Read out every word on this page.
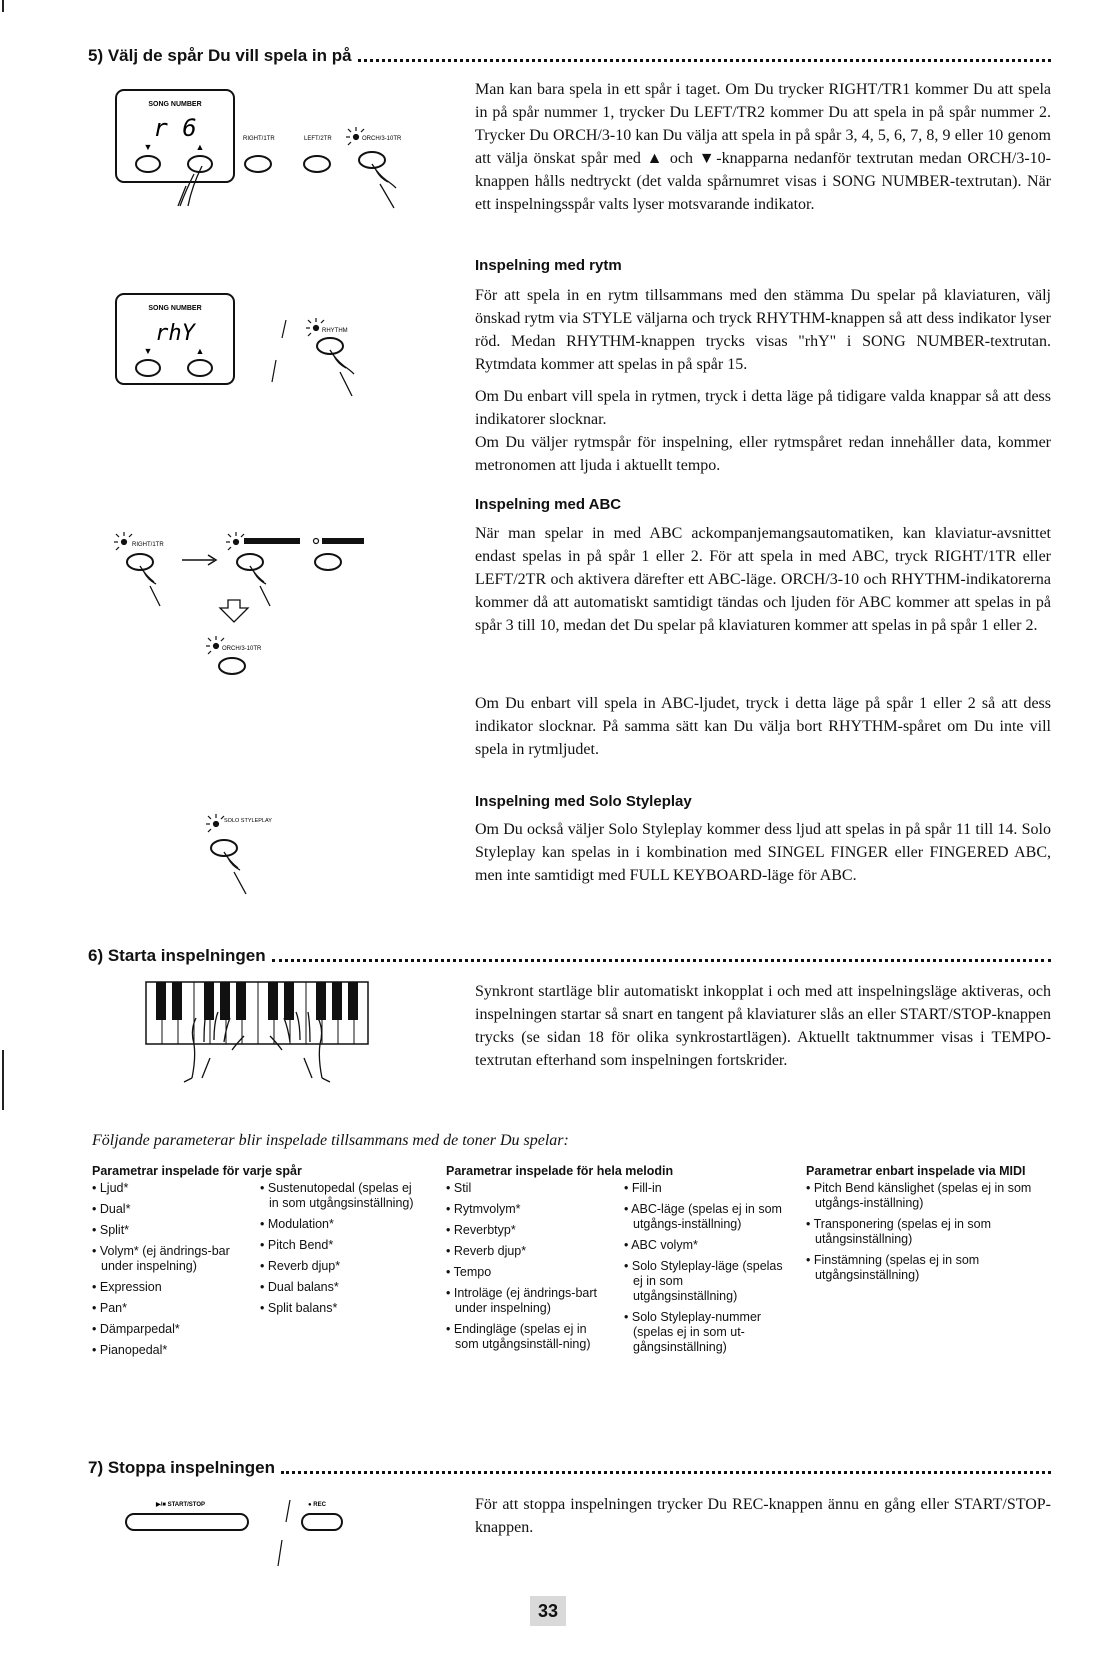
5) Välj de spår Du vill spela in på
SONG NUMBER
r 6
▼	▲
RIGHT/1TR	LEFT/2TR	ORCH/3-10TR

Man kan bara spela in ett spår i taget. Om Du trycker RIGHT/TR1 kommer Du att spela in på spår nummer 1, trycker Du LEFT/TR2 kommer Du att spela in på spår nummer 2. Trycker Du ORCH/3-10 kan Du välja att spela in på spår 3, 4, 5, 6, 7, 8, 9 eller 10 genom att välja önskat spår med ▲ och ▼-knapparna nedanför textrutan medan ORCH/3-10-knappen hålls nedtryckt (det valda spårnumret visas i SONG NUMBER-textrutan). När ett inspelningsspår valts lyser motsvarande indikator.

Inspelning med rytm
SONG NUMBER
rhY
▼	▲
RHYTHM

För att spela in en rytm tillsammans med den stämma Du spelar på klaviaturen, välj önskad rytm via STYLE väljarna och tryck RHYTHM-knappen så att dess indikator lyser röd. Medan RHYTHM-knappen trycks visas "rhY" i SONG NUMBER-textrutan. Rytmdata kommer att spelas in på spår 15.

Om Du enbart vill spela in rytmen, tryck i detta läge på tidigare valda knappar så att dess indikatorer slocknar.

Om Du väljer rytmspår för inspelning, eller rytmspåret redan innehåller data, kommer metronomen att ljuda i aktuellt tempo.

Inspelning med ABC
RIGHT/1TR
ORCH/3-10TR

När man spelar in med ABC ackompanjemangsautomatiken, kan klaviatur-avsnittet endast spelas in på spår 1 eller 2. För att spela in med ABC, tryck RIGHT/1TR eller LEFT/2TR och aktivera därefter ett ABC-läge. ORCH/3-10 och RHYTHM-indikatorerna kommer då att automatiskt samtidigt tändas och ljuden för ABC kommer att spelas in på spår 3 till 10, medan det Du spelar på klaviaturen kommer att spelas in på spår 1 eller 2.

Om Du enbart vill spela in ABC-ljudet, tryck i detta läge på spår 1 eller 2 så att dess indikator slocknar. På samma sätt kan Du välja bort RHYTHM-spåret om Du inte vill spela in rytmljudet.

Inspelning med Solo Styleplay
SOLO STYLEPLAY	Om Du också väljer Solo Styleplay kommer dess ljud att spelas in på spår 11 till 14. Solo Styleplay kan spelas in i kombination med SINGEL FINGER eller FINGERED ABC, men inte samtidigt med FULL KEYBOARD-läge för ABC.

6) Starta inspelningen

Synkront startläge blir automatiskt inkopplat i och med att inspelningsläge aktiveras, och inspelningen startar så snart en tangent på klaviaturer slås an eller START/STOP-knappen trycks (se sidan 18 för olika synkrostartlägen). Aktuellt taktnummer visas i TEMPO-textrutan efterhand som inspelningen fortskrider.

Följande parameterar blir inspelade tillsammans med de toner Du spelar:
Parametrar inspelade för varje spår
• Ljud*
• Dual*
• Split*
• Volym* (ej ändrings-bar under inspelning)
• Expression
• Pan*
• Dämparpedal*
• Pianopedal*
• Sustenutopedal (spelas ej in som utgångsinställning)
• Modulation*
• Pitch Bend*
• Reverb djup*
• Dual balans*
• Split balans*
Parametrar inspelade för hela melodin
• Stil
• Rytmvolym*
• Reverbtyp*
• Reverb djup*
• Tempo
• Introläge (ej ändrings-bart under inspelning)
• Endingläge (spelas ej in som utgångsinställ-ning)
• Fill-in
• ABC-läge (spelas ej in som utgångs-inställning)
• ABC volym*
• Solo Styleplay-läge (spelas ej in som utgångsinställning)
• Solo Styleplay-nummer (spelas ej in som ut-gångsinställning)
Parametrar enbart inspelade via MIDI
• Pitch Bend känslighet (spelas ej in som utgångs-inställning)
• Transponering (spelas ej in som utångsinställning)
• Finstämning (spelas ej in som utgångsinställning)
7) Stoppa inspelningen
▶/■ START/STOP	● REC	För att stoppa inspelningen trycker Du REC-knappen ännu en gång eller START/STOP-knappen.

33
